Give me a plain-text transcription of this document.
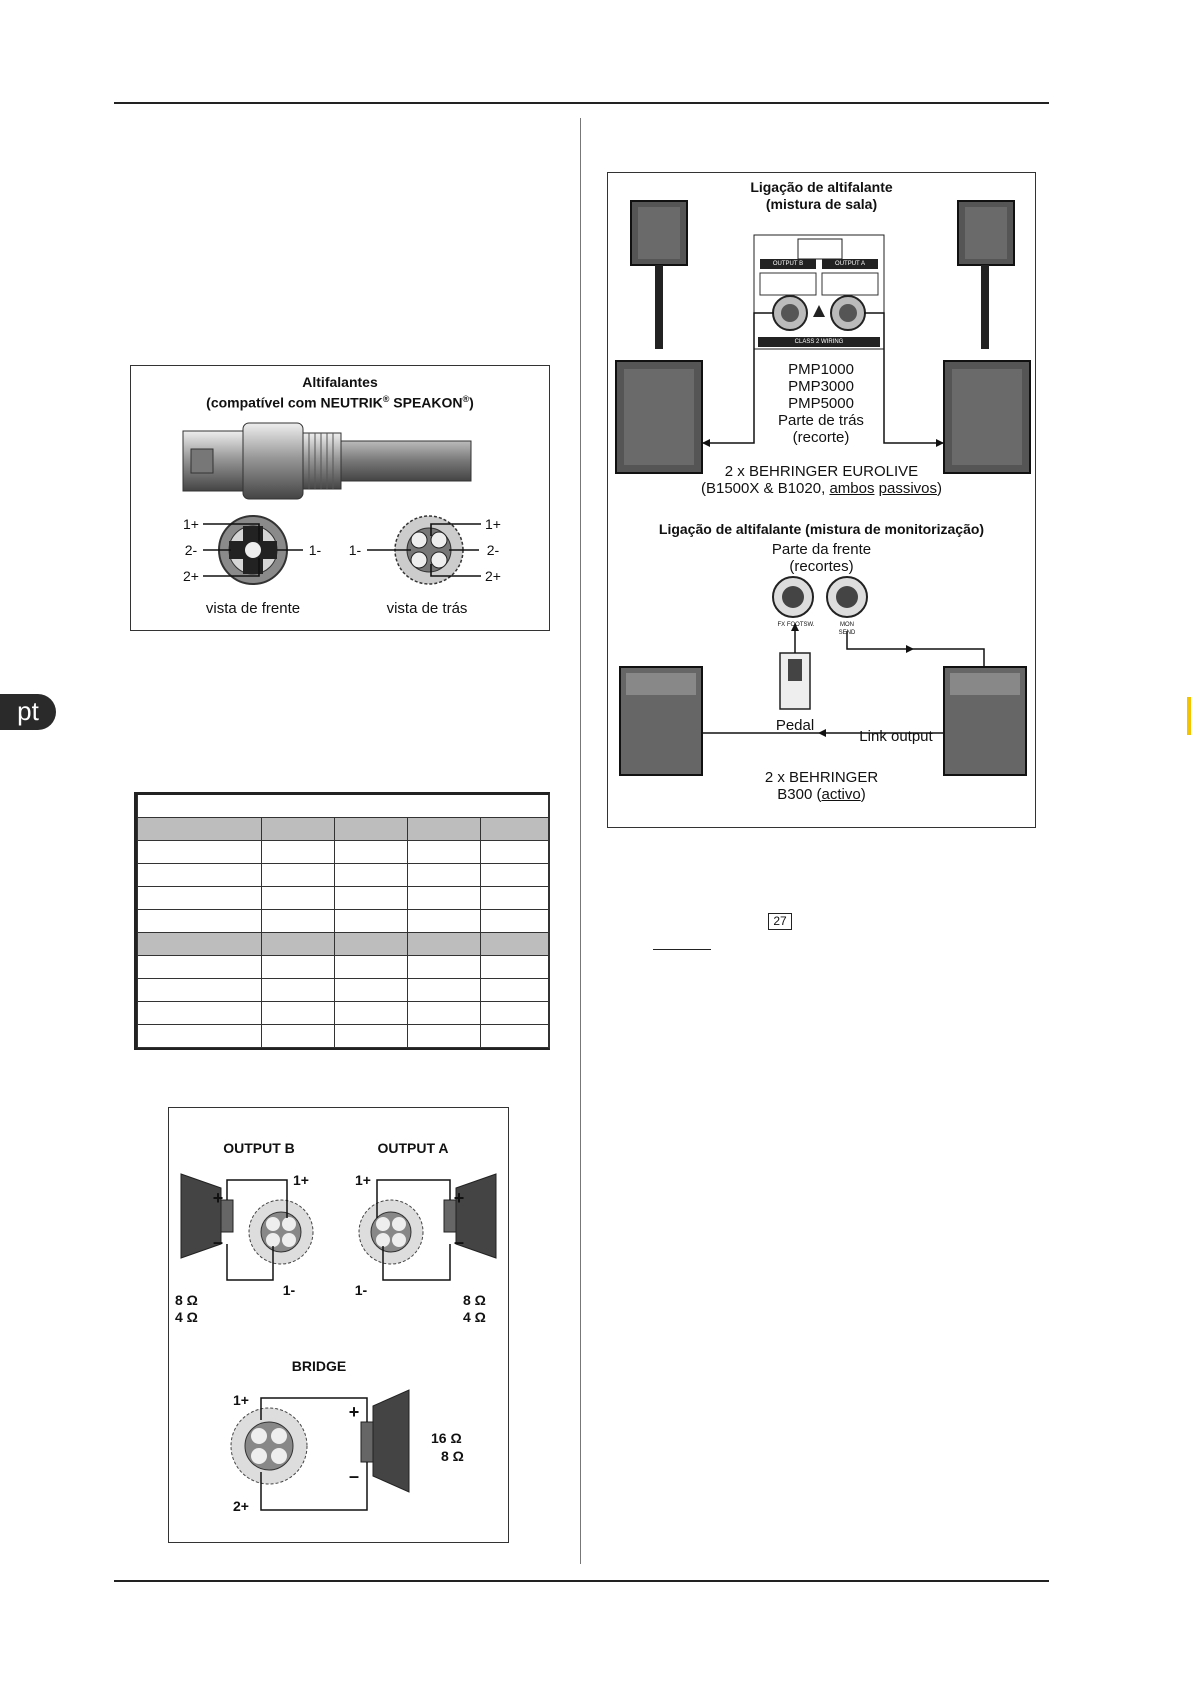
pt
Altifalantes
(compatível com NEUTRIK® SPEAKON®)
1+
2-	1-
2+
1+
1-	2-
2+
vista de frente	vista de trás

OUTPUT B	OUTPUT A
BRIDGE
+
–
+
–
1+
1-
1+
1-
8 Ω
4 Ω
8 Ω
4 Ω
1+
2+
+
–
16 Ω
8 Ω
Ligação de altifalante
(mistura de sala)
OUTPUT B	OUTPUT A
CLASS 2 WIRING
PMP1000
PMP3000
PMP5000
Parte de trás
(recorte)
2 x BEHRINGER EUROLIVE
(B1500X & B1020, ambos passivos)
Ligação de altifalante (mistura de monitorização)
Parte da frente
(recortes)
FX FOOTSW.	MON
SEND
Pedal
Link output
2 x BEHRINGER
B300 (activo)
27
